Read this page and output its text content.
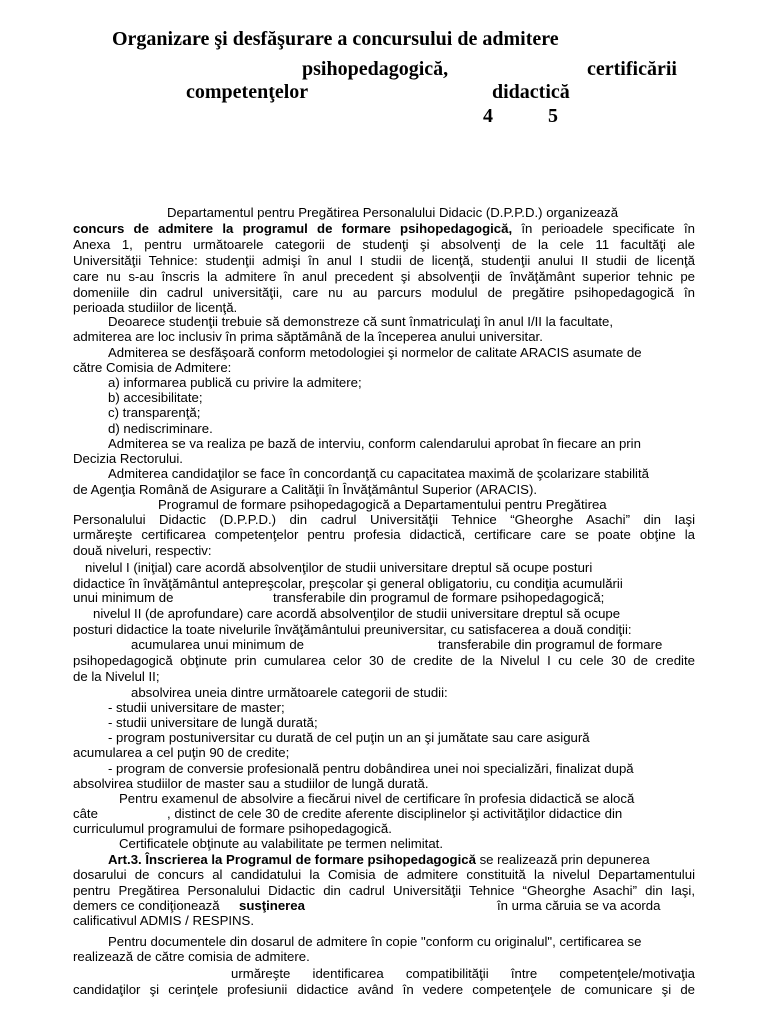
Organizare şi desfăşurare a concursului de admitere
psihopedagogică,	certificării
competenţelor	didactică
4	5
Departamentul pentru Pregătirea Personalului Didacic (D.P.P.D.) organizează
concurs de admitere la programul de formare psihopedagogică, în perioadele specificate în
Anexa 1, pentru următoarele categorii de studenţi şi absolvenţi de la cele 11 facultăţi ale
Universităţii Tehnice: studenţii admişi în anul I studii de licenţă, studenţii anului II studii de licenţă
care nu s-au înscris la admitere în anul precedent şi absolvenţii de învăţământ superior tehnic pe
domeniile din cadrul universităţii, care nu au parcurs modulul de pregătire psihopedagogică în
perioada studiilor de licenţă.
Deoarece studenţii trebuie să demonstreze că sunt înmatriculaţi în anul I/II la facultate,
admiterea are loc inclusiv în prima săptămână de la începerea anului universitar.
Admiterea se desfăşoară conform metodologiei şi normelor de calitate ARACIS asumate de
către Comisia de Admitere:
a) informarea publică cu privire la admitere;
b) accesibilitate;
c) transparenţă;
d) nediscriminare.
Admiterea se va realiza pe bază de interviu, conform calendarului aprobat în fiecare an prin
Decizia Rectorului.
Admiterea candidaţilor se face în concordanţă cu capacitatea maximă de şcolarizare stabilită
de Agenţia Română de Asigurare a Calităţii în Învăţământul Superior (ARACIS).
Programul de formare psihopedagogică a Departamentului pentru Pregătirea
Personalului Didactic (D.P.P.D.) din cadrul Universităţii Tehnice “Gheorghe Asachi” din Iaşi
urmăreşte certificarea competenţelor pentru profesia didactică, certificare care se poate obţine la
două niveluri, respectiv:
nivelul I (iniţial) care acordă absolvenţilor de studii universitare dreptul să ocupe posturi
didactice în învăţământul antepreşcolar, preşcolar şi general obligatoriu, cu condiţia acumulării
unui minimum de	transferabile din programul de formare psihopedagogică;
nivelul II (de aprofundare) care acordă absolvenţilor de studii universitare dreptul să ocupe
posturi didactice la toate nivelurile învăţământului preuniversitar, cu satisfacerea a două condiţii:
acumularea unui minimum de	transferabile din programul de formare
psihopedagogică obţinute prin cumularea celor 30 de credite de la Nivelul I cu cele 30 de credite
de la Nivelul II;
absolvirea uneia dintre următoarele categorii de studii:
- studii universitare de master;
- studii universitare de lungă durată;
- program postuniversitar cu durată de cel puţin un an şi jumătate sau care asigură
acumularea a cel puţin 90 de credite;
- program de conversie profesională pentru dobândirea unei noi specializări, finalizat după
absolvirea studiilor de master sau a studiilor de lungă durată.
Pentru examenul de absolvire a fiecărui nivel de certificare în profesia didactică se alocă
câte	, distinct de cele 30 de credite aferente disciplinelor şi activităţilor didactice din
curriculumul programului de formare psihopedagogică.
Certificatele obţinute au valabilitate pe termen nelimitat.
Art.3. Înscrierea la Programul de formare psihopedagogică se realizează prin depunerea
dosarului de concurs al candidatului la Comisia de admitere constituită la nivelul Departamentului
pentru Pregătirea Personalului Didactic din cadrul Universităţii Tehnice “Gheorghe Asachi” din Iaşi,
demers ce condiţionează susţinerea	în urma căruia se va acorda
calificativul ADMIS / RESPINS.
Pentru documentele din dosarul de admitere în copie "conform cu originalul", certificarea se
realizează de către comisia de admitere.
urmăreşte identificarea compatibilităţii între competenţele/motivaţia
candidaţilor şi cerinţele profesiunii didactice având în vedere competenţele de comunicare şi de
